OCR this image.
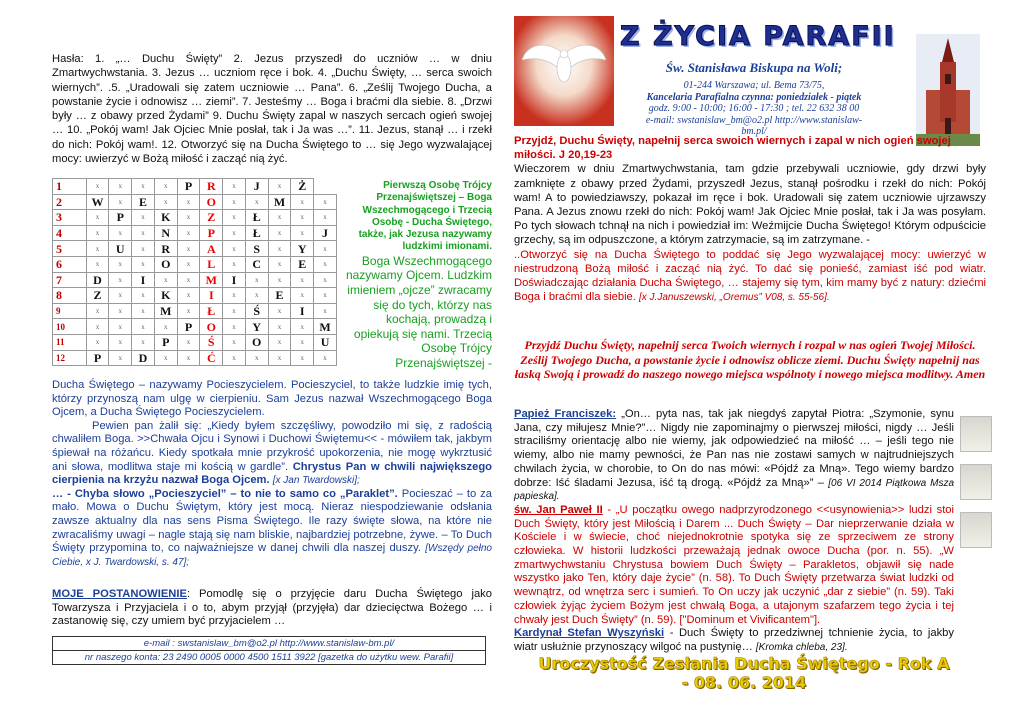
Hasła: 1. „… Duchu Święty” 2. Jezus przyszedł do uczniów … w dniu Zmartwychwstania. 3. Jezus … uczniom ręce i bok. 4. „Duchu Święty, … serca swoich wiernych”. .5. „Uradowali się zatem uczniowie … Pana”. 6. „Ześlij Twojego Ducha, a powstanie życie i odnowisz … ziemi”. 7. Jesteśmy … Boga i braćmi dla siebie. 8. „Drzwi były … z obawy przed Żydami” 9. Duchu Święty zapal w naszych sercach ogień swojej … 10. „Pokój wam! Jak Ojciec Mnie posłał, tak i Ja was …”. 11. Jezus, stanął … i rzekł do nich: Pokój wam!. 12. Otworzyć się na Ducha Świętego to … się Jego wyzwalającej mocy: uwierzyć w Bożą miłość i zacząć nią żyć.

1	x	x	x	x	P	R	x	J	x	Ż	
2	W	x	E	x	x	O	x	x	M	x	x
3	x	P	x	K	x	Z	x	Ł	x	x	x
4	x	x	x	N	x	P	x	Ł	x	x	J
5	x	U	x	R	x	A	x	S	x	Y	x
6	x	x	x	O	x	L	x	C	x	E	x
7	D	x	I	x	x	M	I	x	x	x	x
8	Z	x	x	K	x	I	x	x	E	x	x
9	x	x	x	M	x	Ł	x	Ś	x	I	x
10	x	x	x	x	P	O	x	Y	x	x	M
11	x	x	x	P	x	Ś	x	O	x	x	U
12	P	x	D	x	x	Ć	x	x	x	x	x
Pierwszą Osobę Trójcy Przenajświętszej – Boga Wszechmogącego i Trzecią Osobę - Ducha Świętego, także, jak Jezusa nazywamy ludzkimi imionami.
Boga Wszechmogącego nazywamy Ojcem. Ludzkim imieniem „ojcze” zwracamy się do tych, którzy nas kochają, prowadzą i opiekują się nami. Trzecią Osobę Trójcy Przenajświętszej -

Ducha Świętego – nazywamy Pocieszycielem. Pocieszyciel, to także ludzkie imię tych, którzy przynoszą nam ulgę w cierpieniu. Sam Jezus nazwał Wszechmogącego Boga Ojcem, a Ducha Świętego Pocieszycielem.

Pewien pan żalił się: „Kiedy byłem szczęśliwy, powodziło mi się, z radością chwaliłem Boga. >>Chwała Ojcu i Synowi i Duchowi Świętemu<< - mówiłem tak, jakbym śpiewał na różańcu. Kiedy spotkała mnie przykrość upokorzenia, nie mogę wykrztusić ani słowa, modlitwa staje mi kością w gardle”. Chrystus Pan w chwili największego cierpienia na krzyżu nazwał Boga Ojcem. [x Jan Twardowski];

… - Chyba słowo „Pocieszyciel” – to nie to samo co „Paraklet”. Pocieszać – to za mało. Mowa o Duchu Świętym, który jest mocą. Nieraz niespodziewanie odsłania zawsze aktualny dla nas sens Pisma Świętego. Ile razy święte słowa, na które nie zwracaliśmy uwagi – nagle stają się nam bliskie, najbardziej potrzebne, żywe. – To Duch Święty przypomina to, co najważniejsze w danej chwili dla naszej duszy. [Wszędy pełno Ciebie, x J. Twardowski, s. 47];

MOJE POSTANOWIENIE: Pomodlę się o przyjęcie daru Ducha Świętego jako Towarzysza i Przyjaciela i o to, abym przyjął (przyjęła) dar dziecięctwa Bożego … i zastanowię się, czy umiem być przyjacielem …
e-mail : swstanislaw_bm@o2.pl http://www.stanislaw-bm.pl/
nr naszego konta: 23 2490 0005 0000 4500 1511 3922 [gazetka do użytku wew. Parafii]
Z ŻYCIA PARAFII
Św. Stanisława Biskupa na Woli;
01-244 Warszawa; ul. Bema 73/75,
Kancelaria Parafialna czynna: poniedziałek - piątek
godz. 9:00 - 10:00; 16:00 - 17:30 ; tel. 22 632 38 00
e-mail: swstanislaw_bm@o2.pl http://www.stanislaw-bm.pl/

Przyjdź, Duchu Święty, napełnij serca swoich wiernych i zapal w nich ogień swojej miłości. J 20,19-23

Wieczorem w dniu Zmartwychwstania, tam gdzie przebywali uczniowie, gdy drzwi były zamknięte z obawy przed Żydami, przyszedł Jezus, stanął pośrodku i rzekł do nich: Pokój wam! A to powiedziawszy, pokazał im ręce i bok. Uradowali się zatem uczniowie ujrzawszy Pana. A Jezus znowu rzekł do nich: Pokój wam! Jak Ojciec Mnie posłał, tak i Ja was posyłam. Po tych słowach tchnął na nich i powiedział im: Weźmijcie Ducha Świętego! Którym odpuścicie grzechy, są im odpuszczone, a którym zatrzymacie, są im zatrzymane. -

..Otworzyć się na Ducha Świętego to poddać się Jego wyzwalającej mocy: uwierzyć w niestrudzoną Bożą miłość i zacząć nią żyć. To dać się ponieść, zamiast iść pod wiatr. Doświadczając działania Ducha Świętego, … stajemy się tym, kim mamy być z natury: dziećmi Boga i braćmi dla siebie. [x J.Januszewski, „Oremus” V08, s. 55-56].

Przyjdź Duchu Święty, napełnij serca Twoich wiernych i rozpal w nas ogień Twojej Miłości. Ześlij Twojego Ducha, a powstanie życie i odnowisz oblicze ziemi. Duchu Święty napełnij nas łaską Swoją i prowadź do naszego nowego miejsca wspólnoty i nowego miejsca modlitwy. Amen

Papież Franciszek: „On… pyta nas, tak jak niegdyś zapytał Piotra: „Szymonie, synu Jana, czy miłujesz Mnie?”… Nigdy nie zapominajmy o pierwszej miłości, nigdy … Jeśli straciliśmy orientację albo nie wiemy, jak odpowiedzieć na miłość … – jeśli tego nie wiemy, albo nie mamy pewności, że Pan nas nie zostawi samych w najtrudniejszych chwilach życia, w chorobie, to On do nas mówi: «Pójdź za Mną». Tego wiemy bardzo dobrze: Iść śladami Jezusa, iść tą drogą. «Pójdź za Mną»” – [06 VI 2014 Piątkowa Msza papieska].

św. Jan Paweł II - „U początku owego nadprzyrodzonego <<usynowienia>> ludzi stoi Duch Święty, który jest Miłością i Darem ... Duch Święty – Dar nieprzerwanie działa w Kościele i w świecie, choć niejednokrotnie spotyka się ze sprzeciwem ze strony człowieka. W historii ludzkości przeważają jednak owoce Ducha (por. n. 55). „W zmartwychwstaniu Chrystusa bowiem Duch Święty – Parakletos, objawił się nade wszystko jako Ten, który daje życie” (n. 58). To Duch Święty przetwarza świat ludzki od wewnątrz, od wnętrza serc i sumień. To On uczy jak uczynić „dar z siebie” (n. 59). Taki człowiek żyjąc życiem Bożym jest chwałą Boga, a utajonym szafarzem tego życia i tej chwały jest Duch Święty” (n. 59). ["Dominum et Vivificantem"].

Kardynał Stefan Wyszyński - Duch Święty to przedziwnej tchnienie życia, to jakby wiatr usłużnie przynoszący wilgoć na pustynię… [Kromka chleba, 23].

Uroczystość Zesłania Ducha Świętego - Rok A - 08. 06. 2014
